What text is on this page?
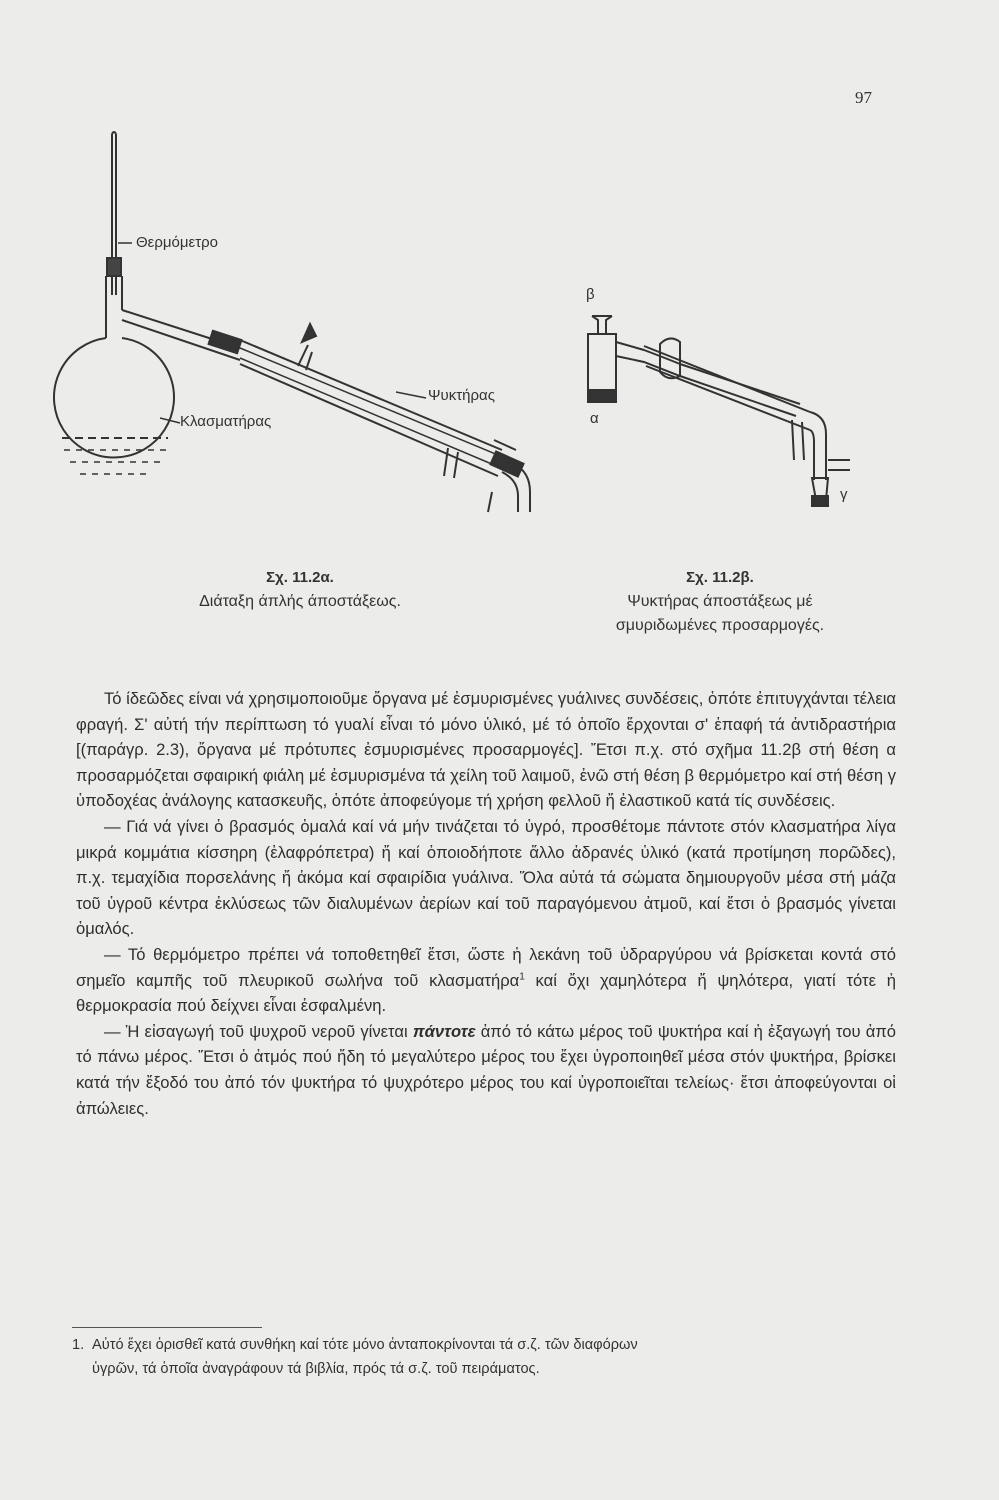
97
Θερμόμετρο
Κλασματήρας
Ψυκτήρας
β
α
γ
Σχ. 11.2α.
Διάταξη άπλής άποστάξεως.
Σχ. 11.2β.
Ψυκτήρας άποστάξεως μέ
σμυριδωμένες προσαρμογές.

Τό ίδεῶδες είναι νά χρησιμοποιοῦμε ὄργανα μέ ἐσμυρισμένες γυάλινες συνδέσεις, ὁπότε ἐπιτυγχάνται τέλεια φραγή. Σ' αὐτή τήν περίπτωση τό γυαλί εἶναι τό μόνο ὑλικό, μέ τό ὁποῖο ἔρχονται σ' ἐπαφή τά ἀντιδραστήρια [(παράγρ. 2.3), ὄργανα μέ πρότυπες ἐσμυρισμένες προσαρμογές]. Ἔτσι π.χ. στό σχῆμα 11.2β στή θέση α προσαρμόζεται σφαιρική φιάλη μέ ἐσμυρισμένα τά χείλη τοῦ λαιμοῦ, ἐνῶ στή θέση β θερμόμετρο καί στή θέση γ ὑποδοχέας ἀνάλογης κατασκευῆς, ὁπότε ἀποφεύγομε τή χρήση φελλοῦ ἤ ἐλαστικοῦ κατά τίς συνδέσεις.

— Γιά νά γίνει ὁ βρασμός ὁμαλά καί νά μήν τινάζεται τό ὑγρό, προσθέτομε πάντοτε στόν κλασματήρα λίγα μικρά κομμάτια κίσσηρη (ἐλαφρόπετρα) ἤ καί ὁποιοδήποτε ἄλλο ἀδρανές ὑλικό (κατά προτίμηση πορῶδες), π.χ. τεμαχίδια πορσελάνης ἤ ἀκόμα καί σφαιρίδια γυάλινα. Ὅλα αὐτά τά σώματα δημιουργοῦν μέσα στή μάζα τοῦ ὑγροῦ κέντρα ἐκλύσεως τῶν διαλυμένων ἀερίων καί τοῦ παραγόμενου ἀτμοῦ, καί ἔτσι ὁ βρασμός γίνεται ὁμαλός.

— Τό θερμόμετρο πρέπει νά τοποθετηθεῖ ἔτσι, ὥστε ἡ λεκάνη τοῦ ὑδραργύρου νά βρίσκεται κοντά στό σημεῖο καμπῆς τοῦ πλευρικοῦ σωλήνα τοῦ κλασματήρα$^1$ καί ὄχι χαμηλότερα ἤ ψηλότερα, γιατί τότε ἡ θερμοκρασία πού δείχνει εἶναι ἐσφαλμένη.

— Ἡ εἰσαγωγή τοῦ ψυχροῦ νεροῦ γίνεται πάντοτε ἀπό τό κάτω μέρος τοῦ ψυκτήρα καί ἡ ἐξαγωγή του ἀπό τό πάνω μέρος. Ἔτσι ὁ ἀτμός πού ἤδη τό μεγαλύτερο μέρος του ἔχει ὑγροποιηθεῖ μέσα στόν ψυκτήρα, βρίσκει κατά τήν ἔξοδό του ἀπό τόν ψυκτήρα τό ψυχρότερο μέρος του καί ὑγροποιεῖται τελείως· ἔτσι ἀποφεύγονται οἱ ἀπώλειες.

1. Αὐτό ἔχει ὁρισθεῖ κατά συνθήκη καί τότε μόνο ἀνταποκρίνονται τά σ.ζ. τῶν διαφόρων
ὑγρῶν, τά ὁποῖα ἀναγράφουν τά βιβλία, πρός τά σ.ζ. τοῦ πειράματος.
